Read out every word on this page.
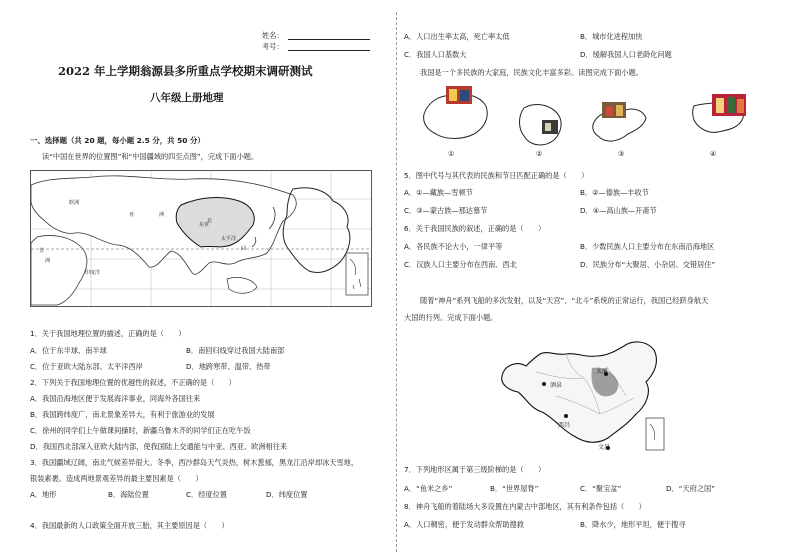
姓名：
考号：
2022 年上学期翁源县多所重点学校期末调研测试
八年级上册地理
一、选择题（共 20 题，每小题 2.5 分，共 50 分）
读“中国在世界的位置图”和“中国疆域的四至点图”，完成下面小题。
欧洲
亚	洲
东亚
非
洲
印度洋
太平洋
北
回
1．关于我国地理位置的描述，正确的是（　　）
A．位于东半球、南半球	B．南回归线穿过我国大陆南部
C．位于亚欧大陆东部、太平洋西岸	D．地跨寒带、温带、热带
2．下列关于我国地理位置的优越性的叙述，不正确的是（　　）
A．我国沿海地区便于发展海洋事业，同海外各国往来
B．我国跨纬度广，南北景象差异大，有利于旅游业的发展
C．徐州的同学们上午做课间操时，新疆乌鲁木齐的同学们正在吃午饭
D．我国西北部深入亚欧大陆内部，使我国陆上交通能与中亚、西亚、欧洲相往来
3．我国疆域辽阔，南北气候差异很大。冬季，西沙群岛天气炎热，树木葱郁，黑龙江沿岸却冰天雪地、
银装素裹。造成两地景观差异的最主要因素是（　　）
A．地形	B．海陆位置	C．经度位置	D．纬度位置
4．我国最新的人口政策全面开放三胎，其主要原因是（　　）
A．人口出生率太高，死亡率太低	B．城市化进程加快
C．我国人口基数大	D．缓解我国人口老龄化问题
我国是一个多民族的大家庭，民族文化丰富多彩。读图完成下面小题。
①	②	③	④
5．图中代号与其代表的民族和节日匹配正确的是（　　）
A．①—藏族—雪顿节	B．②—傣族—丰收节
C．③—蒙古族—那达慕节	D．④—高山族—开斋节
6．关于我国民族的叙述，正确的是（　　）
A．各民族不论大小，一律平等	B．少数民族人口主要分布在东南沿海地区
C．汉族人口主要分布在西南、西北	D．民族分布“大聚居、小杂居、交错居住”
随着“神舟”系列飞船的多次发射，以及“天宫”、“北斗”系统的正常运行，我国已经跻身航天
大国的行列。完成下面小题。
酒泉
太原
西昌
文昌
7．下列地形区属于第三级阶梯的是（　　）
A．“鱼米之乡”	B．“世界屋脊”	C．“聚宝盆”	D．“天府之国”
8．神舟飞船的着陆场大多设置在内蒙古中部地区，其有利条件包括（　　）
A．人口稠密，便于发动群众帮助搜救	B．降水少，地形平坦，便于搜寻
